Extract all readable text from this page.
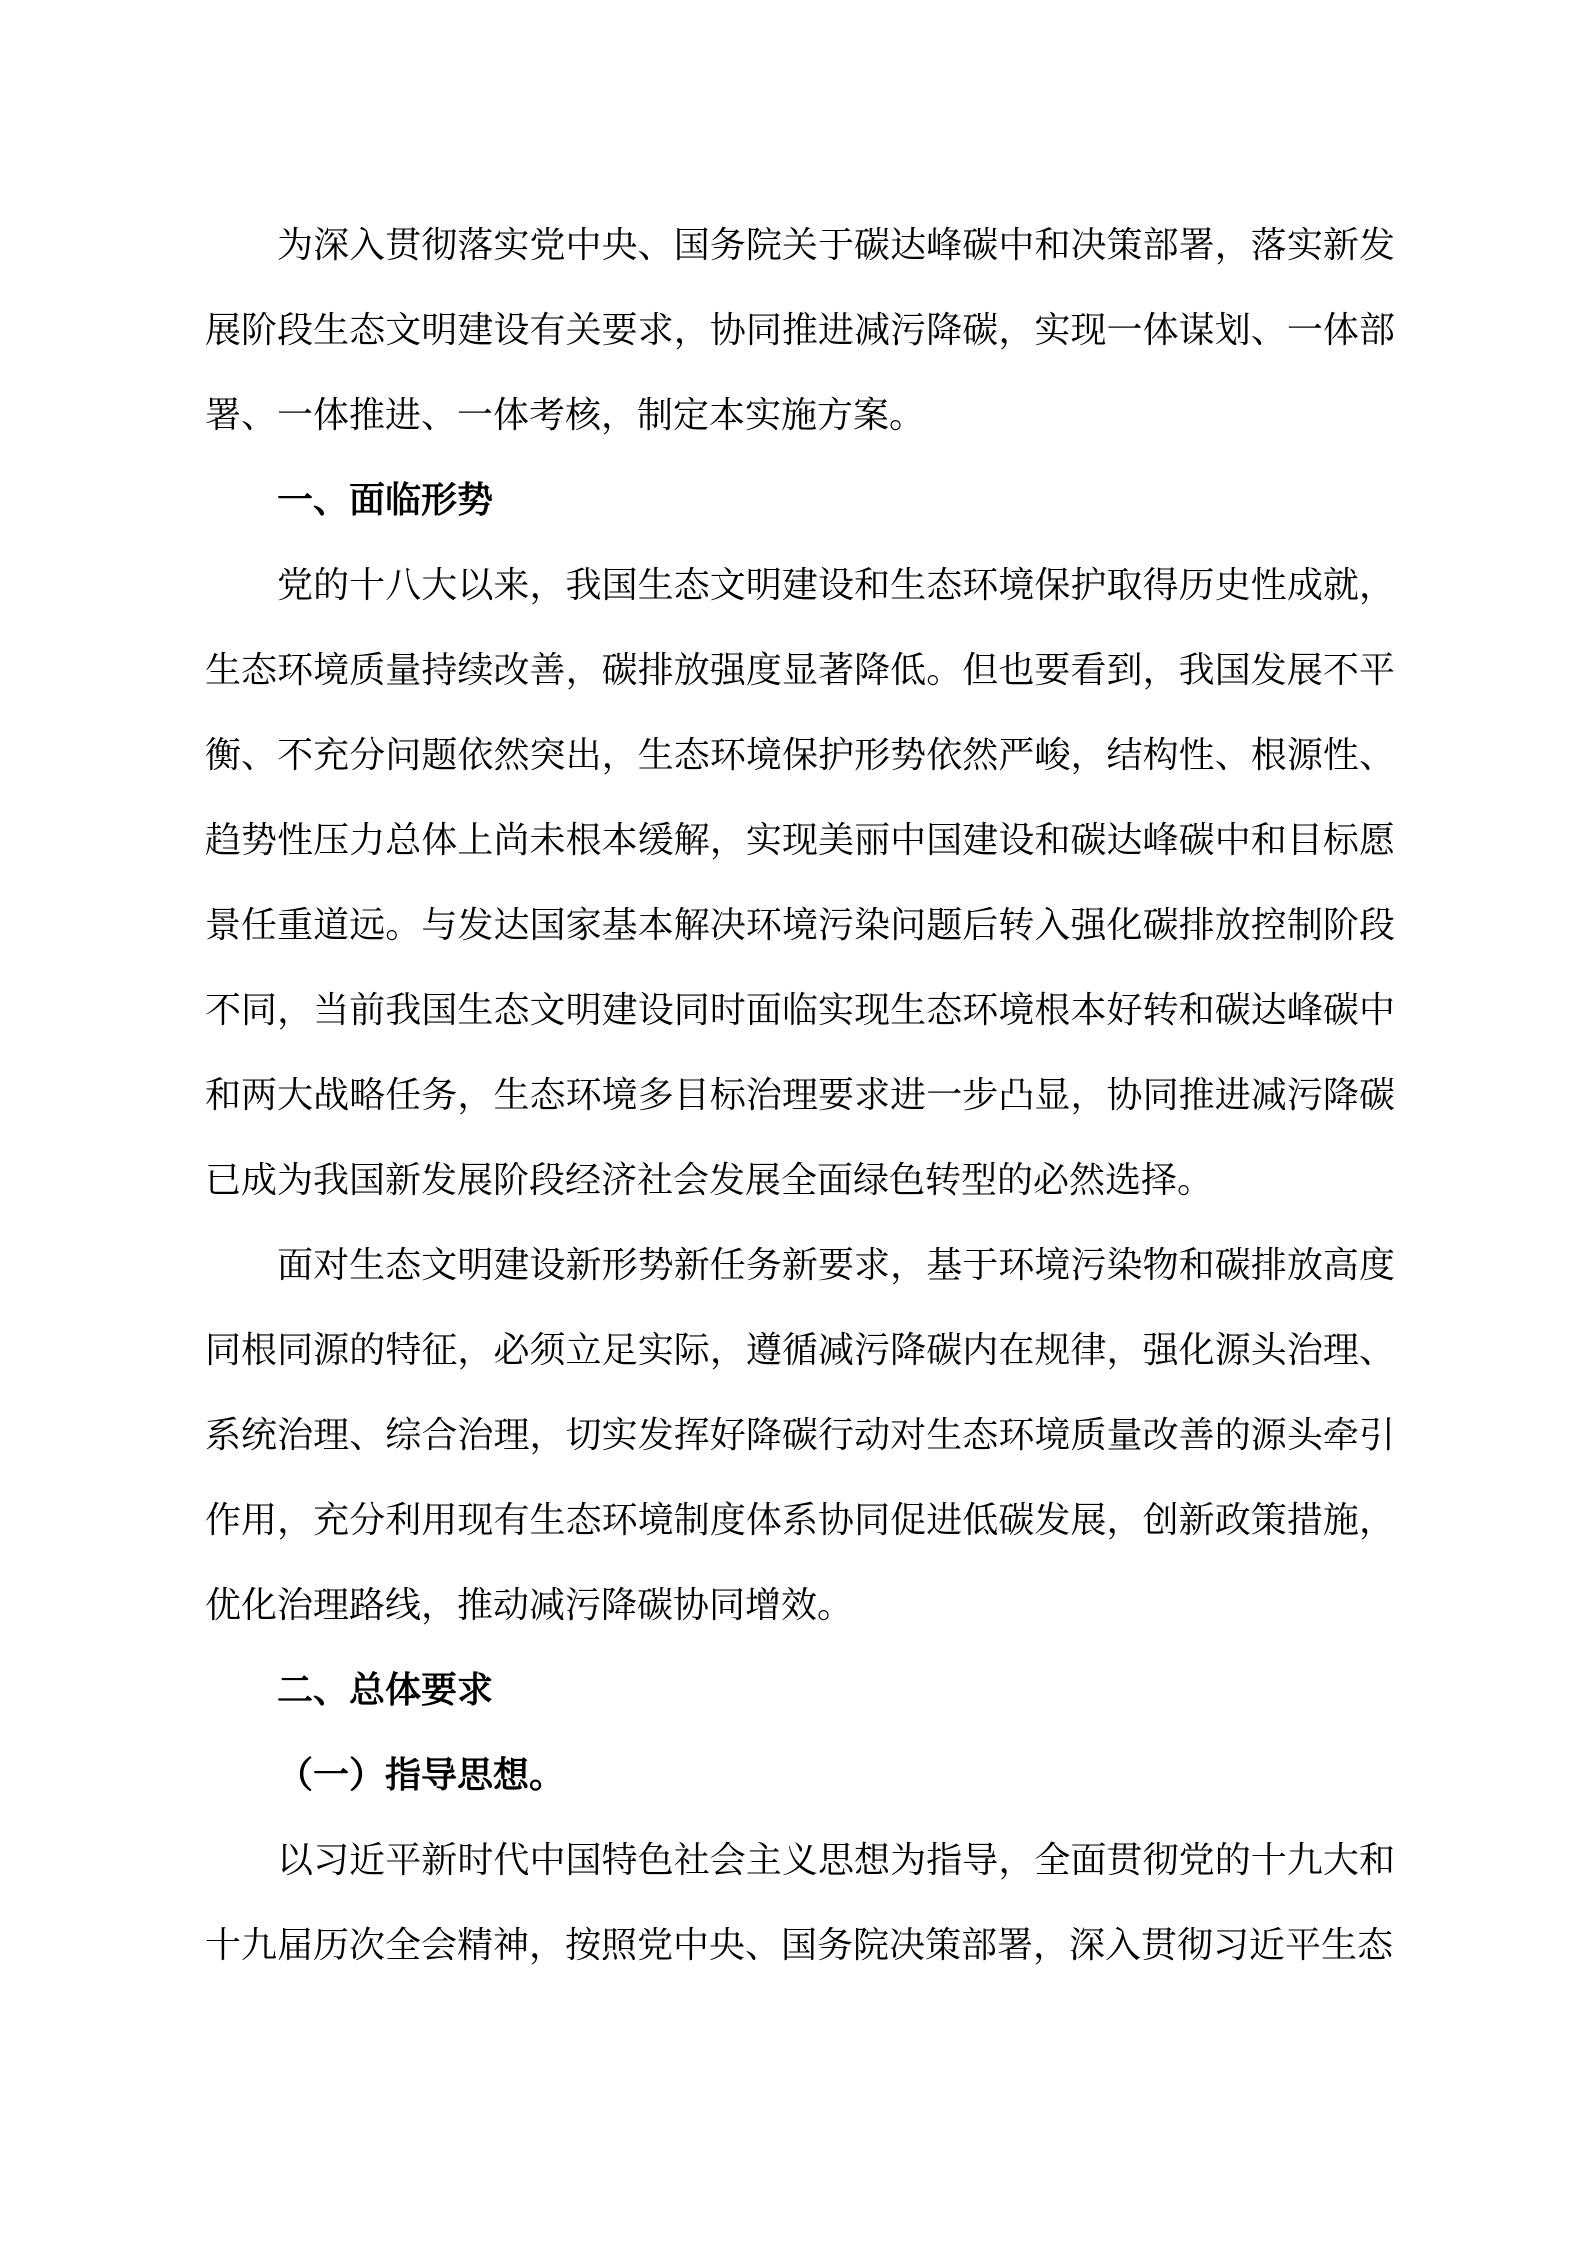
为深入贯彻落实党中央、国务院关于碳达峰碳中和决策部署，落实新发展阶段生态文明建设有关要求，协同推进减污降碳，实现一体谋划、一体部署、一体推进、一体考核，制定本实施方案。

一、面临形势

党的十八大以来，我国生态文明建设和生态环境保护取得历史性成就，生态环境质量持续改善，碳排放强度显著降低。但也要看到，我国发展不平衡、不充分问题依然突出，生态环境保护形势依然严峻，结构性、根源性、趋势性压力总体上尚未根本缓解，实现美丽中国建设和碳达峰碳中和目标愿景任重道远。与发达国家基本解决环境污染问题后转入强化碳排放控制阶段不同，当前我国生态文明建设同时面临实现生态环境根本好转和碳达峰碳中和两大战略任务，生态环境多目标治理要求进一步凸显，协同推进减污降碳已成为我国新发展阶段经济社会发展全面绿色转型的必然选择。

面对生态文明建设新形势新任务新要求，基于环境污染物和碳排放高度同根同源的特征，必须立足实际，遵循减污降碳内在规律，强化源头治理、系统治理、综合治理，切实发挥好降碳行动对生态环境质量改善的源头牵引作用，充分利用现有生态环境制度体系协同促进低碳发展，创新政策措施，优化治理路线，推动减污降碳协同增效。

二、总体要求

（一）指导思想。

以习近平新时代中国特色社会主义思想为指导，全面贯彻党的十九大和十九届历次全会精神，按照党中央、国务院决策部署，深入贯彻习近平生态
